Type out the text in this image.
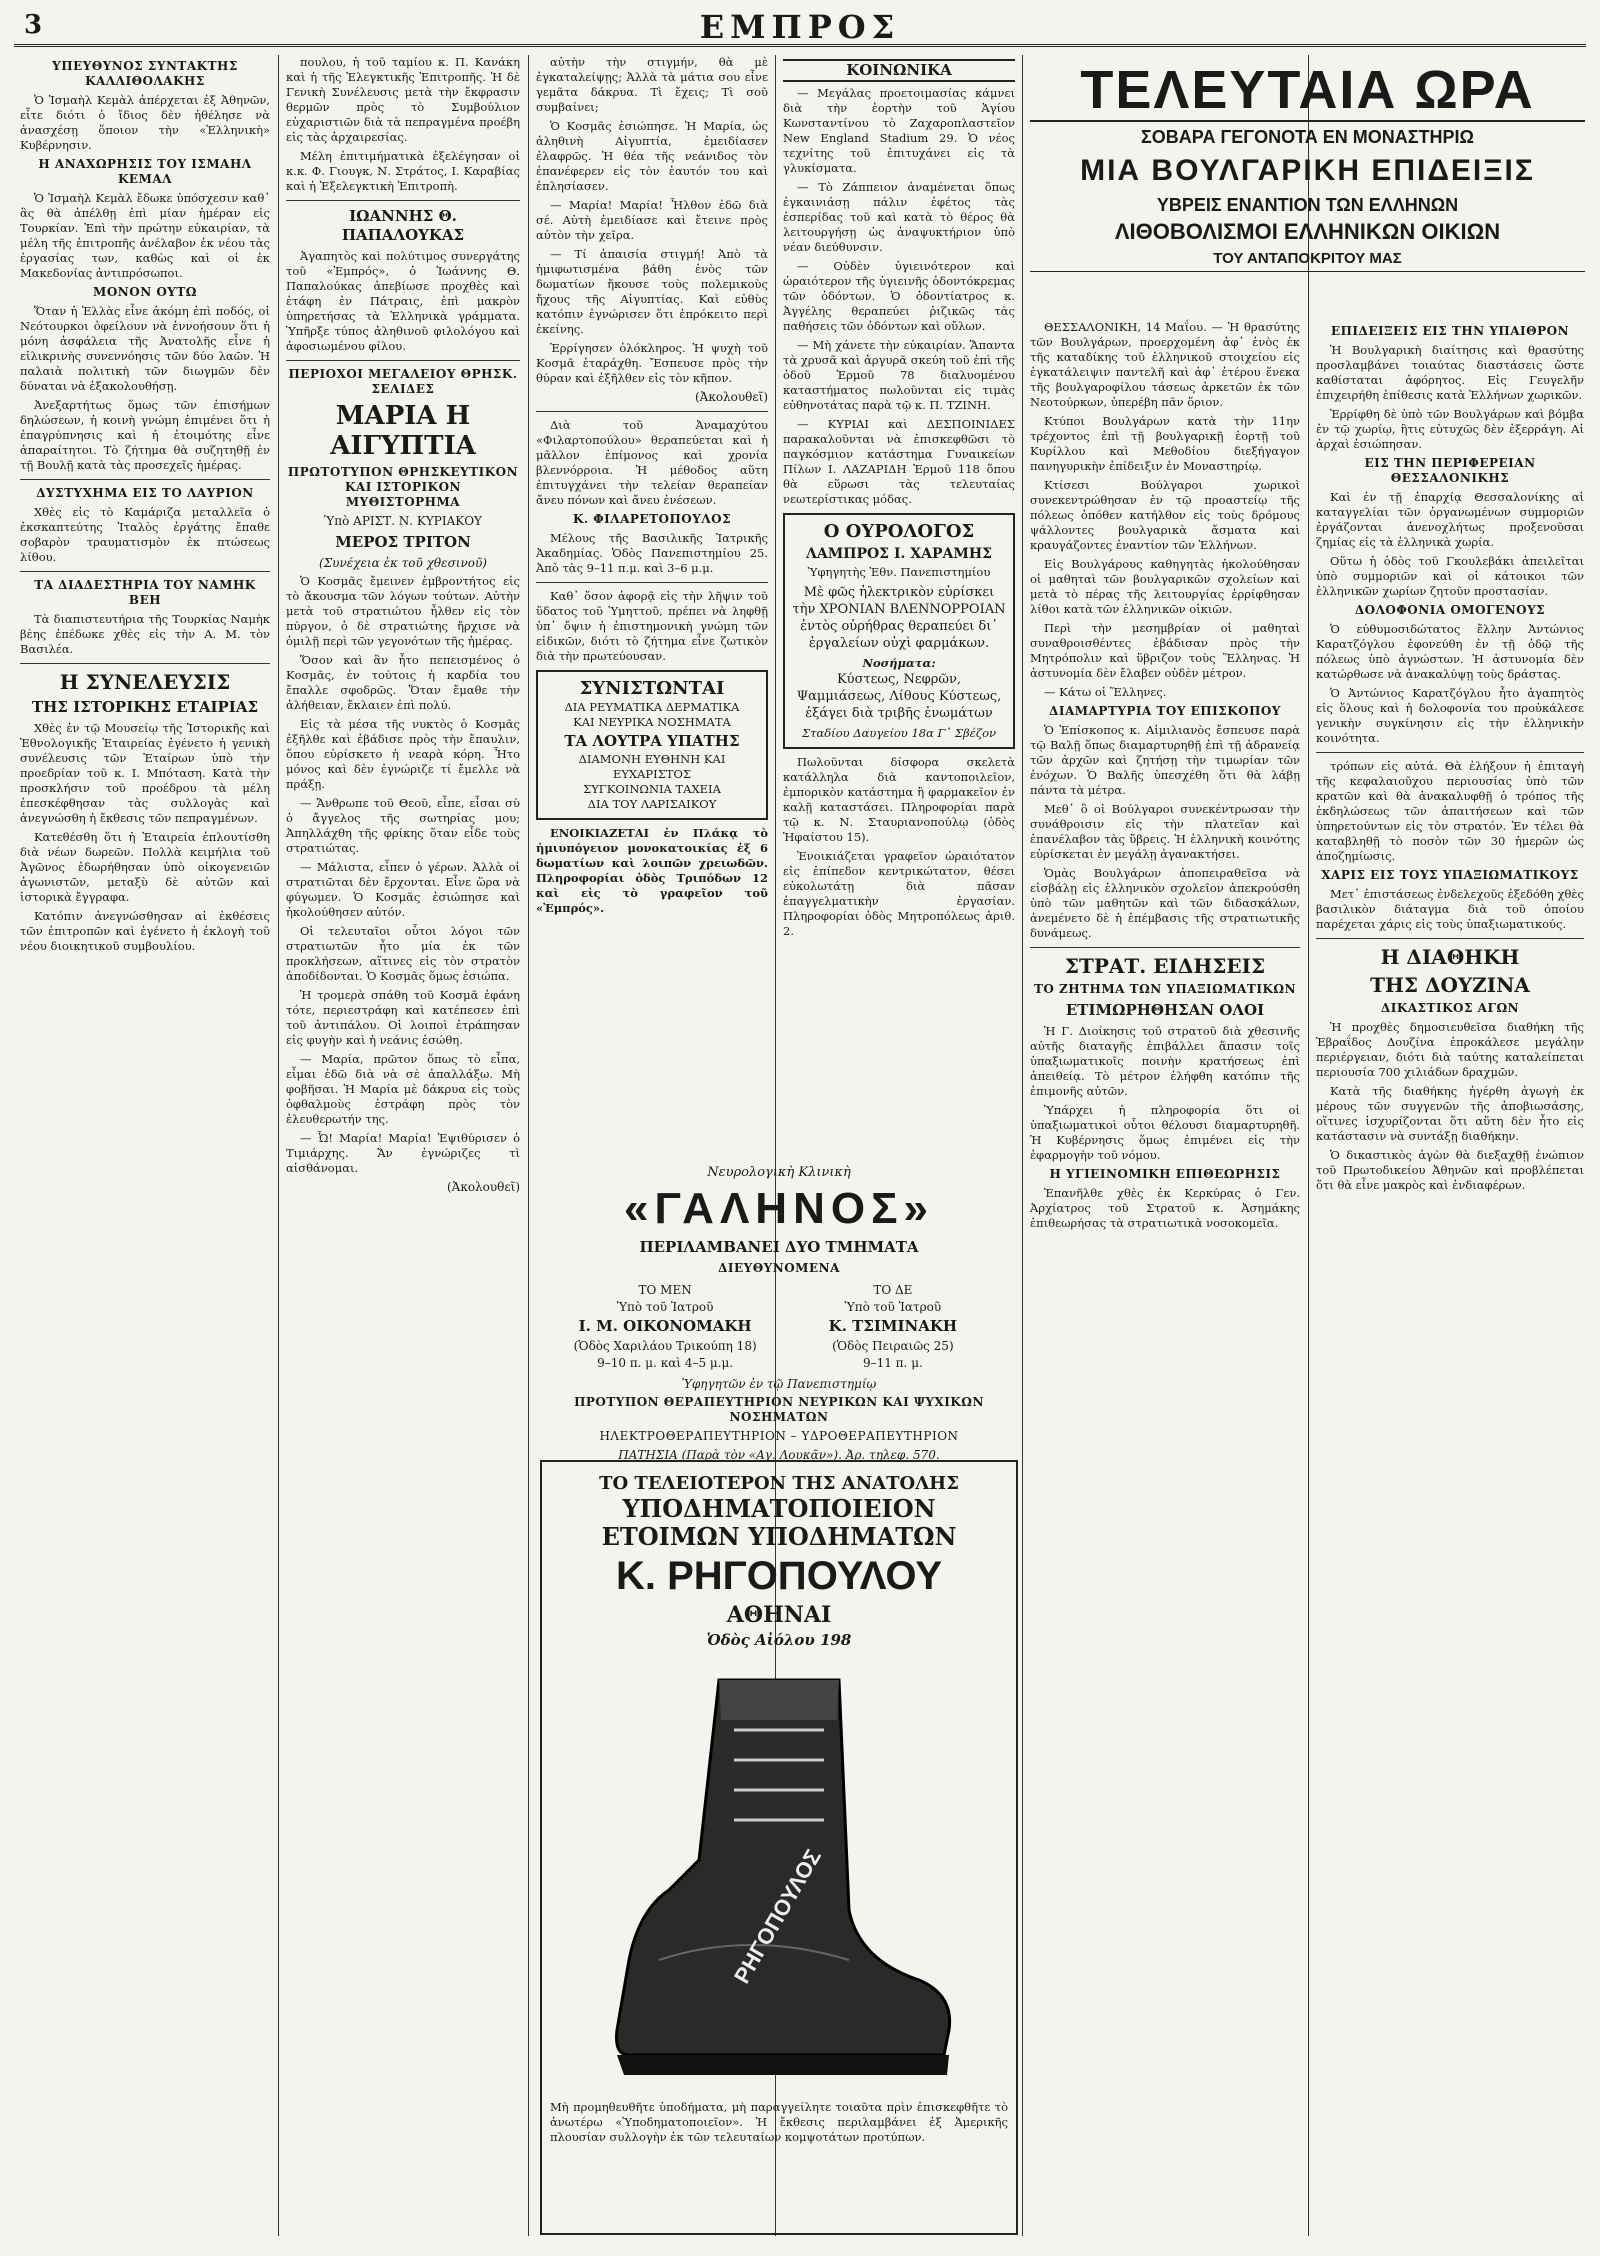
3	ΕΜΠΡΟΣ
ΥΠΕΥΘΥΝΟΣ ΣΥΝΤΑΚΤΗΣ ΚΑΛΛΙΘΟΛΑΚΗΣ

Ὁ Ἰσμαὴλ Κεμὰλ ἀπέρχεται ἐξ Ἀθηνῶν, εἶτε διότι ὁ ἴδιος δὲν ἠθέλησε νὰ ἀνασχέσῃ ὅποιον τὴν «Ἑλληνικὴ» Κυβέρνησιν.

Η ΑΝΑΧΩΡΗΣΙΣ ΤΟΥ ΙΣΜΑΗΛ ΚΕΜΑΛ

Ὁ Ἰσμαὴλ Κεμὰλ ἔδωκε ὑπόσχεσιν καθ᾽ ἃς θὰ ἀπέλθῃ ἐπὶ μίαν ἡμέραν εἰς Τουρκίαν. Ἐπὶ τὴν πρώτην εὐκαιρίαν, τὰ μέλη τῆς ἐπιτροπῆς ἀνέλαβον ἐκ νέου τὰς ἐργασίας των, καθὼς καὶ οἱ ἐκ Μακεδονίας ἀντιπρόσωποι.

ΜΟΝΟΝ ΟΥΤΩ

Ὅταν ἡ Ἑλλὰς εἶνε ἀκόμη ἐπὶ ποδός, οἱ Νεότουρκοι ὀφείλουν νὰ ἐννοήσουν ὅτι ἡ μόνη ἀσφάλεια τῆς Ἀνατολῆς εἶνε ἡ εἰλικρινὴς συνεννόησις τῶν δύο λαῶν. Ἡ παλαιὰ πολιτικὴ τῶν διωγμῶν δὲν δύναται νὰ ἐξακολουθήσῃ.

Ἀνεξαρτήτως ὅμως τῶν ἐπισήμων δηλώσεων, ἡ κοινὴ γνώμη ἐπιμένει ὅτι ἡ ἐπαγρύπνησις καὶ ἡ ἐτοιμότης εἶνε ἀπαραίτητοι. Τὸ ζήτημα θὰ συζητηθῇ ἐν τῇ Βουλῇ κατὰ τὰς προσεχεῖς ἡμέρας.

ΔΥΣΤΥΧΗΜΑ ΕΙΣ ΤΟ ΛΑΥΡΙΟΝ

Χθὲς εἰς τὸ Καμάριζα μεταλλεῖα ὁ ἐκσκαπτεύτης Ἰταλὸς ἐργάτης ἔπαθε σοβαρὸν τραυματισμὸν ἐκ πτώσεως λίθου.

ΤΑ ΔΙΑΔΕΣΤΗΡΙΑ ΤΟΥ ΝΑΜΗΚ ΒΕΗ

Τὰ διαπιστευτήρια τῆς Τουρκίας Ναμὴκ βὲης ἐπέδωκε χθὲς εἰς τὴν Α. Μ. τὸν Βασιλέα.

Η ΣΥΝΕΛΕΥΣΙΣ
ΤΗΣ ΙΣΤΟΡΙΚΗΣ ΕΤΑΙΡΙΑΣ

Χθὲς ἐν τῷ Μουσείῳ τῆς Ἱστορικῆς καὶ Ἐθνολογικῆς Ἑταιρείας ἐγένετο ἡ γενικὴ συνέλευσις τῶν Ἑταίρων ὑπὸ τὴν προεδρίαν τοῦ κ. Ι. Μπόταση. Κατὰ τὴν προσκλήσιν τοῦ προέδρου τὰ μέλη ἐπεσκέφθησαν τὰς συλλογὰς καὶ ἀνεγνώσθη ἡ ἔκθεσις τῶν πεπραγμένων.

Κατεθέσθη ὅτι ἡ Ἑταιρεία ἐπλουτίσθη διὰ νέων δωρεῶν. Πολλὰ κειμήλια τοῦ Ἀγῶνος ἐδωρήθησαν ὑπὸ οἰκογενειῶν ἀγωνιστῶν, μεταξὺ δὲ αὐτῶν καὶ ἱστορικὰ ἔγγραφα.

Κατόπιν ἀνεγνώσθησαν αἱ ἐκθέσεις τῶν ἐπιτροπῶν καὶ ἐγένετο ἡ ἐκλογὴ τοῦ νέου διοικητικοῦ συμβουλίου.

πουλου, ἡ τοῦ ταμίου κ. Π. Κανάκη καὶ ἡ τῆς Ἐλεγκτικῆς Ἐπιτροπῆς. Ἡ δὲ Γενικὴ Συνέλευσις μετὰ τὴν ἔκφρασιν θερμῶν πρὸς τὸ Συμβούλιον εὐχαριστιῶν διὰ τὰ πεπραγμένα προέβη εἰς τὰς ἀρχαιρεσίας.

Μέλη ἐπιτιμήματικὰ ἐξελέγησαν οἱ κ.κ. Φ. Γιουγκ, Ν. Στράτος, Ι. Καραβίας καὶ ἡ Ἐξελεγκτικὴ Ἐπιτροπὴ.

ΙΩΑΝΝΗΣ Θ. ΠΑΠΑΛΟΥΚΑΣ

Ἀγαπητὸς καὶ πολύτιμος συνεργάτης τοῦ «Ἐμπρός», ὁ Ἰωάννης Θ. Παπαλούκας ἀπεβίωσε προχθὲς καὶ ἐτάφη ἐν Πάτραις, ἐπὶ μακρὸν ὑπηρετήσας τὰ Ἑλληνικὰ γράμματα. Ὑπῆρξε τύπος ἀληθινοῦ φιλολόγου καὶ ἀφοσιωμένου φίλου.

ΠΕΡΙΟΧΟΙ ΜΕΓΑΛΕΙΟΥ ΘΡΗΣΚ. ΣΕΛΙΔΕΣ
ΜΑΡΙΑ Η ΑΙΓΥΠΤΙΑ
ΠΡΩΤΟΤΥΠΟΝ ΘΡΗΣΚΕΥΤΙΚΟΝ ΚΑΙ ΙΣΤΟΡΙΚΟΝ ΜΥΘΙΣΤΟΡΗΜΑ
Ὑπὸ ΑΡΙΣΤ. Ν. ΚΥΡΙΑΚΟΥ
ΜΕΡΟΣ ΤΡΙΤΟΝ
(Συνέχεια ἐκ τοῦ χθεσινοῦ)

Ὁ Κοσμᾶς ἔμεινεν ἐμβροντήτος εἰς τὸ ἄκουσμα τῶν λόγων τούτων. Αὐτὴν μετὰ τοῦ στρατιώτου ἦλθεν εἰς τὸν πύργον, ὁ δὲ στρατιώτης ἤρχισε νὰ ὁμιλῇ περὶ τῶν γεγονότων τῆς ἡμέρας.

Ὅσον καὶ ἂν ἦτο πεπεισμένος ὁ Κοσμᾶς, ἐν τούτοις ἡ καρδία του ἔπαλλε σφοδρῶς. Ὅταν ἔμαθε τὴν ἀλήθειαν, ἔκλαιεν ἐπὶ πολύ.

Εἰς τὰ μέσα τῆς νυκτὸς ὁ Κοσμᾶς ἐξῆλθε καὶ ἐβάδισε πρὸς τὴν ἔπαυλιν, ὅπου εὑρίσκετο ἡ νεαρὰ κόρη. Ἦτο μόνος καὶ δὲν ἐγνώριζε τί ἔμελλε νὰ πράξῃ.

— Ἄνθρωπε τοῦ Θεοῦ, εἶπε, εἶσαι σὺ ὁ ἄγγελος τῆς σωτηρίας μου; Ἀπηλλάχθη τῆς φρίκης ὅταν εἶδε τοὺς στρατιώτας.

— Μάλιστα, εἶπεν ὁ γέρων. Ἀλλὰ οἱ στρατιῶται δὲν ἔρχονται. Εἶνε ὥρα νὰ φύγωμεν. Ὁ Κοσμᾶς ἐσιώπησε καὶ ἠκολούθησεν αὐτόν.

Οἱ τελευταῖοι οὗτοι λόγοι τῶν στρατιωτῶν ἦτο μία ἐκ τῶν προκλήσεων, αἵτινες εἰς τὸν στρατὸν ἀποδίδονται. Ὁ Κοσμᾶς ὅμως ἐσιώπα.

Ἡ τρομερὰ σπάθη τοῦ Κοσμᾶ ἐφάνη τότε, περιεστράφη καὶ κατέπεσεν ἐπὶ τοῦ ἀντιπάλου. Οἱ λοιποὶ ἐτράπησαν εἰς φυγὴν καὶ ἡ νεάνις ἐσώθη.

— Μαρία, πρῶτον ὅπως τὸ εἶπα, εἶμαι ἐδῶ διὰ νὰ σὲ ἀπαλλάξω. Μὴ φοβῆσαι. Ἡ Μαρία μὲ δάκρυα εἰς τοὺς ὀφθαλμοὺς ἐστράφη πρὸς τὸν ἐλευθερωτήν της.

— Ὦ! Μαρία! Μαρία! Ἐψιθύρισεν ὁ Τιμιάρχης. Ἄν ἐγνώριζες τὶ αἰσθάνομαι.

(Ἀκολουθεῖ)

αὐτὴν τὴν στιγμήν, θὰ μὲ ἐγκαταλείψῃς; Ἀλλὰ τὰ μάτια σου εἶνε γεμᾶτα δάκρυα. Τὶ ἔχεις; Τὶ σοῦ συμβαίνει;

Ὁ Κοσμᾶς ἐσιώπησε. Ἡ Μαρία, ὡς ἀληθινὴ Αἰγυπτία, ἐμειδίασεν ἐλαφρῶς. Ἡ θέα τῆς νεάνιδος τὸν ἐπανέφερεν εἰς τὸν ἑαυτόν του καὶ ἐπλησίασεν.

— Μαρία! Μαρία! Ἦλθον ἐδῶ διὰ σέ. Αὐτὴ ἐμειδίασε καὶ ἔτεινε πρὸς αὐτὸν τὴν χεῖρα.

— Τί ἀπαισία στιγμή! Ἀπὸ τὰ ἡμιφωτισμένα βάθη ἑνὸς τῶν δωματίων ἤκουσε τοὺς πολεμικοὺς ἤχους τῆς Αἰγυπτίας. Καὶ εὐθὺς κατόπιν ἐγνώρισεν ὅτι ἐπρόκειτο περὶ ἐκείνης.

Ἐρρίγησεν ὁλόκληρος. Ἡ ψυχὴ τοῦ Κοσμᾶ ἐταράχθη. Ἔσπευσε πρὸς τὴν θύραν καὶ ἐξῆλθεν εἰς τὸν κῆπον.

(Ἀκολουθεῖ)

Διὰ τοῦ Ἀναμαχύτου «Φιλαρτοπούλου» θεραπεύεται καὶ ἡ μᾶλλον ἐπίμονος καὶ χρονία βλεννόρροια. Ἡ μέθοδος αὕτη ἐπιτυγχάνει τὴν τελείαν θεραπείαν ἄνευ πόνων καὶ ἄνευ ἐνέσεων.

Κ. ΦΙΛΑΡΕΤΟΠΟΥΛΟΣ

Μέλους τῆς Βασιλικῆς Ἰατρικῆς Ἀκαδημίας. Ὁδὸς Πανεπιστημίου 25. Ἀπὸ τὰς 9–11 π.μ. καὶ 3–6 μ.μ.

Καθ᾽ ὅσον ἀφορᾷ εἰς τὴν λῆψιν τοῦ ὕδατος τοῦ Ὑμηττοῦ, πρέπει νὰ ληφθῇ ὑπ᾽ ὄψιν ἡ ἐπιστημονικὴ γνώμη τῶν εἰδικῶν, διότι τὸ ζήτημα εἶνε ζωτικὸν διὰ τὴν πρωτεύουσαν.

ΣΥΝΙΣΤΩΝΤΑΙ
ΔΙΑ ΡΕΥΜΑΤΙΚΑ ΔΕΡΜΑΤΙΚΑ
ΚΑΙ ΝΕΥΡΙΚΑ ΝΟΣΗΜΑΤΑ
ΤΑ ΛΟΥΤΡΑ ΥΠΑΤΗΣ
ΔΙΑΜΟΝΗ ΕΥΘΗΝΗ ΚΑΙ ΕΥΧΑΡΙΣΤΟΣ
ΣΥΓΚΟΙΝΩΝΙΑ ΤΑΧΕΙΑ
ΔΙΑ ΤΟΥ ΛΑΡΙΣΑΙΚΟΥ

ΕΝΟΙΚΙΑΖΕΤΑΙ ἐν Πλάκᾳ τὸ ἡμιυπόγειον μονοκατοικίας ἐξ 6 δωματίων καὶ λοιπῶν χρειωδῶν. Πληροφορίαι ὁδὸς Τριπόδων 12 καὶ εἰς τὸ γραφεῖον τοῦ «Ἐμπρός».

ΚΟΙΝΩΝΙΚΑ

— Μεγάλας προετοιμασίας κάμνει διὰ τὴν ἑορτὴν τοῦ Ἁγίου Κωνσταντίνου τὸ Ζαχαροπλαστεῖον New England Stadium 29. Ὁ νέος τεχνίτης τοῦ ἐπιτυχάνει εἰς τὰ γλυκίσματα.

— Τὸ Ζάππειον ἀναμένεται ὅπως ἐγκαινιάσῃ πάλιν ἐφέτος τὰς ἑσπερίδας τοῦ καὶ κατὰ τὸ θέρος θὰ λειτουργήσῃ ὡς ἀναψυκτήριον ὑπὸ νέαν διεύθυνσιν.

— Οὐδὲν ὑγιεινότερον καὶ ὡραιότερον τῆς ὑγιεινῆς ὀδοντόκρεμας τῶν ὀδόντων. Ὁ ὀδοντίατρος κ. Ἀγγέλης θεραπεύει ῥιζικῶς τὰς παθήσεις τῶν ὀδόντων καὶ οὔλων.

— Μὴ χάνετε τὴν εὐκαιρίαν. Ἅπαντα τὰ χρυσᾶ καὶ ἀργυρᾶ σκεύη τοῦ ἐπὶ τῆς ὁδοῦ Ἑρμοῦ 78 διαλυομένου καταστήματος πωλοῦνται εἰς τιμὰς εὐθηνοτάτας παρὰ τῷ κ. Π. ΤΖΙΝΗ.

— ΚΥΡΙΑΙ καὶ ΔΕΣΠΟΙΝΙΔΕΣ παρακαλοῦνται νὰ ἐπισκεφθῶσι τὸ παγκόσμιον κατάστημα Γυναικείων Πίλων Ι. ΛΑΖΑΡΙΔΗ Ἑρμοῦ 118 ὅπου θὰ εὕρωσι τὰς τελευταίας νεωτερίστικας μόδας.

Ο ΟΥΡΟΛΟΓΟΣ
ΛΑΜΠΡΟΣ Ι. ΧΑΡΑΜΗΣ
Ὑφηγητὴς Ἐθν. Πανεπιστημίου
Μὲ φῶς ἠλεκτρικὸν εὑρίσκει τὴν ΧΡΟΝΙΑΝ ΒΛΕΝΝΟΡΡΟΙΑΝ ἐντὸς οὐρήθρας θεραπεύει δι᾽ ἐργαλείων οὐχὶ φαρμάκων.
Νοσήματα:
Κύστεως, Νεφρῶν, Ψαμμιάσεως, Λίθους Κύστεως, ἐξάγει διὰ τριβῆς ἐνωμάτων
Σταδίου Δαυγείου 18α Γ᾽ Σβέζον

Πωλοῦνται δίσφορα σκελετὰ κατάλληλα διὰ καντοποιλεῖον, ἐμπορικὸν κατάστημα ἢ φαρμακεῖον ἐν καλῇ καταστάσει. Πληροφορίαι παρὰ τῷ κ. Ν. Σταυριανοπούλῳ (ὁδὸς Ἡφαίστου 15).

Ἐνοικιάζεται γραφεῖον ὡραιότατον εἰς ἐπίπεδον κεντρικώτατον, θέσει εὐκολωτάτῃ διὰ πᾶσαν ἐπαγγελματικὴν ἐργασίαν. Πληροφορίαι ὁδὸς Μητροπόλεως ἀριθ. 2.

Νευρολογικὴ Κλινικὴ
«ΓΑΛΗΝΟΣ»
ΠΕΡΙΛΑΜΒΑΝΕΙ ΔΥΟ ΤΜΗΜΑΤΑ
ΔΙΕΥΘΥΝΟΜΕΝΑ
ΤΟ ΜΕΝ
Ὑπὸ τοῦ Ἰατροῦ
Ι. Μ. ΟΙΚΟΝΟΜΑΚΗ
(Ὁδὸς Χαριλάου Τρικούπη 18)
9–10 π. μ. καὶ 4–5 μ.μ.
ΤΟ ΔΕ
Ὑπὸ τοῦ Ἰατροῦ
Κ. ΤΣΙΜΙΝΑΚΗ
(Ὁδὸς Πειραιῶς 25)
9–11 π. μ.
Ὑφηγητῶν ἐν τῷ Πανεπιστημίῳ
ΠΡΟΤΥΠΟΝ ΘΕΡΑΠΕΥΤΗΡΙΟΝ ΝΕΥΡΙΚΩΝ ΚΑΙ ΨΥΧΙΚΩΝ ΝΟΣΗΜΑΤΩΝ
ΗΛΕΚΤΡΟΘΕΡΑΠΕΥΤΗΡΙΟΝ – ΥΔΡΟΘΕΡΑΠΕΥΤΗΡΙΟΝ
ΠΑΤΗΣΙΑ (Παρὰ τὸν «Αγ. Λουκᾶν»). Ἀρ. τηλεφ. 570.
ΤΟ ΤΕΛΕΙΟΤΕΡΟΝ ΤΗΣ ΑΝΑΤΟΛΗΣ
ΥΠΟΔΗΜΑΤΟΠΟΙΕΙΟΝ
ΕΤΟΙΜΩΝ ΥΠΟΔΗΜΑΤΩΝ
Κ. ΡΗΓΟΠΟΥΛΟΥ
ΑΘΗΝΑΙ
Ὁδὸς Αἰόλου 198
ΡΗΓΟΠΟΥΛΟΣ
Μὴ προμηθευθῆτε ὑποδήματα, μὴ παραγγείλητε τοιαῦτα πρὶν ἐπισκεφθῆτε τὸ ἀνωτέρω «Ὑποδηματοποιεῖον». Ἡ ἔκθεσις περιλαμβάνει ἐξ Ἀμερικῆς πλουσίαν συλλογὴν ἐκ τῶν τελευταίων κομψοτάτων προτύπων.
ΤΕΛΕΥΤΑΙΑ ΩΡΑ
ΣΟΒΑΡΑ ΓΕΓΟΝΟΤΑ ΕΝ ΜΟΝΑΣΤΗΡΙΩ
ΜΙΑ ΒΟΥΛΓΑΡΙΚΗ ΕΠΙΔΕΙΞΙΣ
ΥΒΡΕΙΣ ΕΝΑΝΤΙΟΝ ΤΩΝ ΕΛΛΗΝΩΝ
ΛΙΘΟΒΟΛΙΣΜΟΙ ΕΛΛΗΝΙΚΩΝ ΟΙΚΙΩΝ
ΤΟΥ ΑΝΤΑΠΟΚΡΙΤΟΥ ΜΑΣ

ΘΕΣΣΑΛΟΝΙΚΗ, 14 Μαΐου. — Ἡ θρασύτης τῶν Βουλγάρων, προερχομένη ἀφ᾽ ἑνὸς ἐκ τῆς καταδίκης τοῦ ἑλληνικοῦ στοιχείου εἰς ἐγκατάλειψιν παντελῆ καὶ ἀφ᾽ ἑτέρου ἕνεκα τῆς βουλγαροφίλου τάσεως ἀρκετῶν ἐκ τῶν Νεοτούρκων, ὑπερέβη πᾶν ὅριον.

Κτύποι Βουλγάρων κατὰ τὴν 11ην τρέχοντος ἐπὶ τῇ βουλγαρικῇ ἑορτῇ τοῦ Κυρίλλου καὶ Μεθοδίου διεξήγαγον πανηγυρικὴν ἐπίδειξιν ἐν Μοναστηρίῳ.

Κτίσεσι Βούλγαροι χωρικοὶ συνεκεντρώθησαν ἐν τῷ προαστείῳ τῆς πόλεως ὁπόθεν κατήλθον εἰς τοὺς δρόμους ψάλλοντες βουλγαρικὰ ἄσματα καὶ κραυγάζοντες ἐναντίον τῶν Ἑλλήνων.

Εἰς Βουλγάρους καθηγητὰς ἠκολούθησαν οἱ μαθηταὶ τῶν βουλγαρικῶν σχολείων καὶ μετὰ τὸ πέρας τῆς λειτουργίας ἐρρίφθησαν λίθοι κατὰ τῶν ἑλληνικῶν οἰκιῶν.

Περὶ τὴν μεσημβρίαν οἱ μαθηταὶ συναθροισθέντες ἐβάδισαν πρὸς τὴν Μητρόπολιν καὶ ὕβριζον τοὺς Ἕλληνας. Ἡ ἀστυνομία δὲν ἔλαβεν οὐδὲν μέτρον.

— Κάτω οἱ Ἕλληνες.

ΔΙΑΜΑΡΤΥΡΙΑ ΤΟΥ ΕΠΙΣΚΟΠΟΥ

Ὁ Ἐπίσκοπος κ. Αἰμιλιανὸς ἔσπευσε παρὰ τῷ Βαλῇ ὅπως διαμαρτυρηθῇ ἐπὶ τῇ ἀδρανείᾳ τῶν ἀρχῶν καὶ ζητήσῃ τὴν τιμωρίαν τῶν ἐνόχων. Ὁ Βαλῆς ὑπεσχέθη ὅτι θὰ λάβῃ πάντα τὰ μέτρα.

Μεθ᾽ ὃ οἱ Βούλγαροι συνεκέντρωσαν τὴν συνάθροισιν εἰς τὴν πλατεῖαν καὶ ἐπανέλαβον τὰς ὕβρεις. Ἡ ἑλληνικὴ κοινότης εὑρίσκεται ἐν μεγάλῃ ἀγανακτήσει.

Ὁμὰς Βουλγάρων ἀποπειραθεῖσα νὰ εἰσβάλῃ εἰς ἑλληνικὸν σχολεῖον ἀπεκρούσθη ὑπὸ τῶν μαθητῶν καὶ τῶν διδασκάλων, ἀνεμένετο δὲ ἡ ἐπέμβασις τῆς στρατιωτικῆς δυνάμεως.

ΣΤΡΑΤ. ΕΙΔΗΣΕΙΣ
ΤΟ ΖΗΤΗΜΑ ΤΩΝ ΥΠΑΞΙΩΜΑΤΙΚΩΝ
ΕΤΙΜΩΡΗΘΗΣΑΝ ΟΛΟΙ

Ἡ Γ. Διοίκησις τοῦ στρατοῦ διὰ χθεσινῆς αὐτῆς διαταγῆς ἐπιβάλλει ἅπασιν τοῖς ὑπαξιωματικοῖς ποινὴν κρατήσεως ἐπὶ ἀπειθείᾳ. Τὸ μέτρον ἐλήφθη κατόπιν τῆς ἐπιμονῆς αὐτῶν.

Ὑπάρχει ἡ πληροφορία ὅτι οἱ ὑπαξιωματικοὶ οὗτοι θέλουσι διαμαρτυρηθῆ. Ἡ Κυβέρνησις ὅμως ἐπιμένει εἰς τὴν ἐφαρμογὴν τοῦ νόμου.

Η ΥΓΙΕΙΝΟΜΙΚΗ ΕΠΙΘΕΩΡΗΣΙΣ

Ἐπανῆλθε χθὲς ἐκ Κερκύρας ὁ Γεν. Ἀρχίατρος τοῦ Στρατοῦ κ. Ἀσημάκης ἐπιθεωρήσας τὰ στρατιωτικὰ νοσοκομεῖα.

ΕΠΙΔΕΙΞΕΙΣ ΕΙΣ ΤΗΝ ΥΠΑΙΘΡΟΝ

Ἡ Βουλγαρικὴ διαίτησις καὶ θρασύτης προσλαμβάνει τοιαύτας διαστάσεις ὥστε καθίσταται ἀφόρητος. Εἰς Γευγελῆν ἐπιχειρήθη ἐπίθεσις κατὰ Ἑλλήνων χωρικῶν.

Ἐρρίφθη δὲ ὑπὸ τῶν Βουλγάρων καὶ βόμβα ἐν τῷ χωρίῳ, ἣτις εὐτυχῶς δὲν ἐξερράγη. Αἱ ἀρχαὶ ἐσιώπησαν.

ΕΙΣ ΤΗΝ ΠΕΡΙΦΕΡΕΙΑΝ ΘΕΣΣΑΛΟΝΙΚΗΣ

Καὶ ἐν τῇ ἐπαρχίᾳ Θεσσαλονίκης αἱ καταγγελίαι τῶν ὀργανωμένων συμμοριῶν ἐργάζονται ἀνενοχλήτως προξενοῦσαι ζημίας εἰς τὰ ἑλληνικὰ χωρία.

Οὕτω ἡ ὁδὸς τοῦ Γκουλεβάκι ἀπειλεῖται ὑπὸ συμμοριῶν καὶ οἱ κάτοικοι τῶν ἑλληνικῶν χωρίων ζητοῦν προστασίαν.

ΔΟΛΟΦΟΝΙΑ ΟΜΟΓΕΝΟΥΣ

Ὁ εὐθυμοσιδώτατος ἔλλην Ἀντώνιος Καρατζόγλου ἐφονεύθη ἐν τῇ ὁδῷ τῆς πόλεως ὑπὸ ἀγνώστων. Ἡ ἀστυνομία δὲν κατώρθωσε νὰ ἀνακαλύψῃ τοὺς δράστας.

Ὁ Ἀντώνιος Καρατζόγλου ἦτο ἀγαπητὸς εἰς ὅλους καὶ ἡ δολοφονία του προὐκάλεσε γενικὴν συγκίνησιν εἰς τὴν ἑλληνικὴν κοινότητα.

τρόπων εἰς αὐτά. Θὰ ἐλήξουν ἡ ἐπιταγὴ τῆς κεφαλαιοῦχου περιουσίας ὑπὸ τῶν κρατῶν καὶ θὰ ἀνακαλυφθῇ ὁ τρόπος τῆς ἐκδηλώσεως τῶν ἀπαιτήσεων καὶ τῶν ὑπηρετούντων εἰς τὸν στρατόν. Ἐν τέλει θὰ καταβληθῇ τὸ ποσὸν τῶν 30 ἡμερῶν ὡς ἀποζημίωσις.

ΧΑΡΙΣ ΕΙΣ ΤΟΥΣ ΥΠΑΞΙΩΜΑΤΙΚΟΥΣ

Μετ᾽ ἐπιστάσεως ἐνδελεχοῦς ἐξεδόθη χθὲς βασιλικὸν διάταγμα διὰ τοῦ ὁποίου παρέχεται χάρις εἰς τοὺς ὑπαξιωματικούς.

Η ΔΙΑΘΗΚΗ
ΤΗΣ ΔΟΥΖΙΝΑ
ΔΙΚΑΣΤΙΚΟΣ ΑΓΩΝ

Ἡ προχθὲς δημοσιευθεῖσα διαθήκη τῆς Ἑβραΐδος Δουζίνα ἐπροκάλεσε μεγάλην περιέργειαν, διότι διὰ ταύτης καταλείπεται περιουσία 700 χιλιάδων δραχμῶν.

Κατὰ τῆς διαθήκης ἠγέρθη ἀγωγὴ ἐκ μέρους τῶν συγγενῶν τῆς ἀποβιωσάσης, οἵτινες ἰσχυρίζονται ὅτι αὕτη δὲν ἦτο εἰς κατάστασιν νὰ συντάξῃ διαθήκην.

Ὁ δικαστικὸς ἀγὼν θὰ διεξαχθῇ ἐνώπιον τοῦ Πρωτοδικείου Ἀθηνῶν καὶ προβλέπεται ὅτι θὰ εἶνε μακρὸς καὶ ἐνδιαφέρων.
